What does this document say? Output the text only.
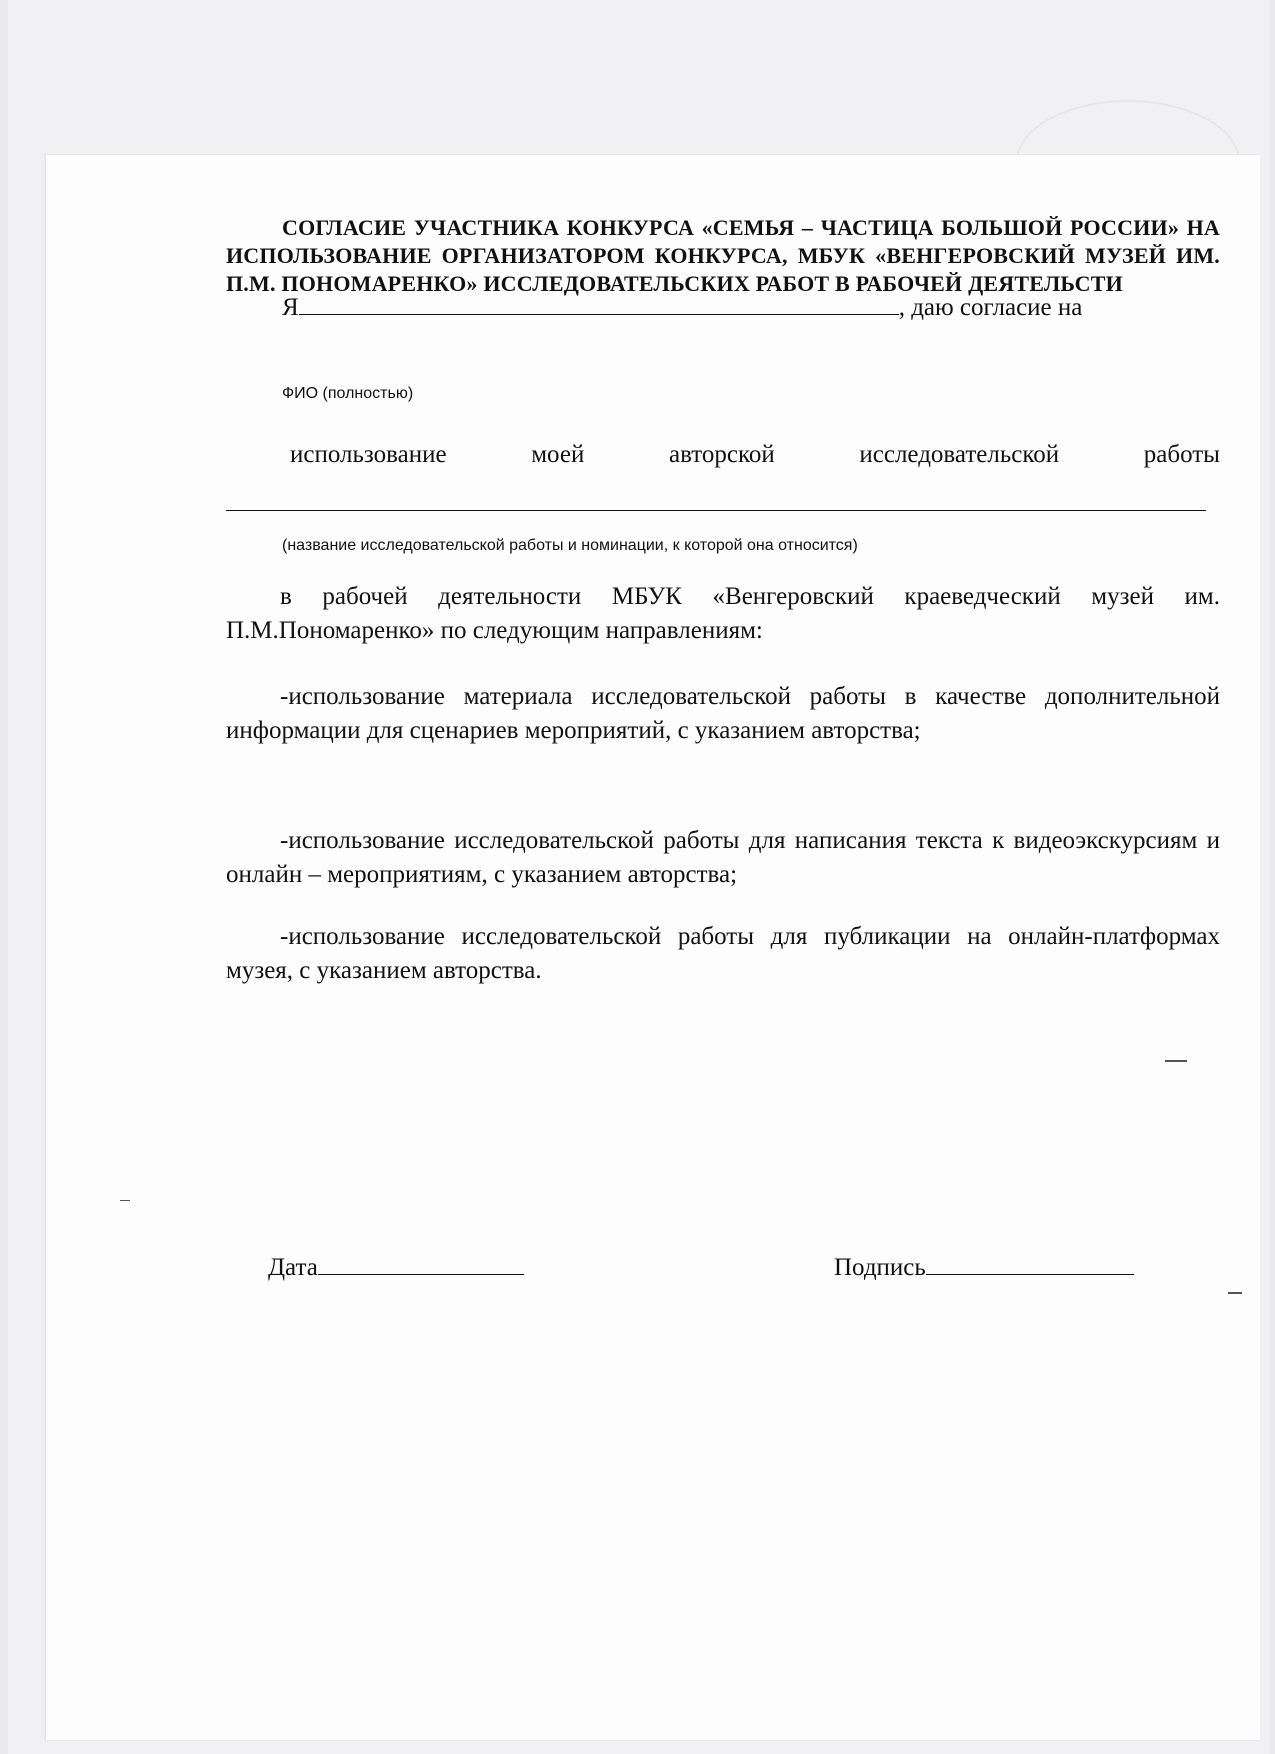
СОГЛАСИЕ УЧАСТНИКА КОНКУРСА «СЕМЬЯ – ЧАСТИЦА БОЛЬШОЙ РОССИИ» НА ИСПОЛЬЗОВАНИЕ ОРГАНИЗАТОРОМ КОНКУРСА, МБУК «ВЕНГЕРОВСКИЙ МУЗЕЙ ИМ. П.М. ПОНОМАРЕНКО» ИССЛЕДОВАТЕЛЬСКИХ РАБОТ В РАБОЧЕЙ ДЕЯТЕЛЬСТИ

Я	, даю согласие на
ФИО (полностью)
использование	моей	авторской	исследовательской	работы
(название исследовательской работы и номинации, к которой она относится)

в рабочей деятельности МБУК «Венгеровский краеведческий музей им. П.М.Пономаренко» по следующим направлениям:

-использование материала исследовательской работы в качестве дополнительной информации для сценариев мероприятий, с указанием авторства;

-использование исследовательской работы для написания текста к видеоэкскурсиям и онлайн – мероприятиям, с указанием авторства;

-использование исследовательской работы для публикации на онлайн-платформах музея, с указанием авторства.

Дата	Подпись
